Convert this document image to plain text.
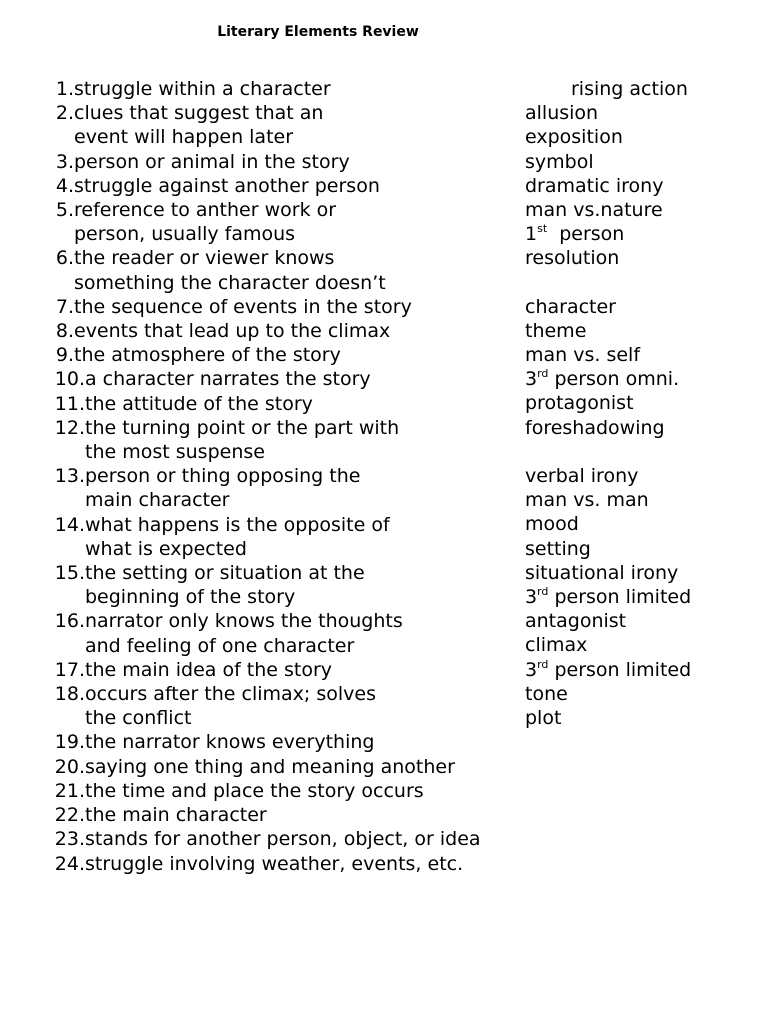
Literary Elements Review
1. struggle within a character
2. clues that suggest that an
event will happen later
3. person or animal in the story
4. struggle against another person
5. reference to anther work or
person, usually famous
6. the reader or viewer knows
something the character doesn’t
7. the sequence of events in the story
8. events that lead up to the climax
9. the atmosphere of the story
10. a character narrates the story
11. the attitude of the story
12. the turning point or the part with
the most suspense
13. person or thing opposing the
main character
14. what happens is the opposite of
what is expected
15. the setting or situation at the
beginning of the story
16. narrator only knows the thoughts
and feeling of one character
17. the main idea of the story
18. occurs after the climax; solves
the conflict
19. the narrator knows everything
20. saying one thing and meaning another
21. the time and place the story occurs
22. the main character
23. stands for another person, object, or idea
24. struggle involving weather, events, etc.
rising action
allusion
exposition
symbol
dramatic irony
man vs.nature
1st  person
resolution
character
theme
man vs. self
3rd person omni.
protagonist
foreshadowing
verbal irony
man vs. man
mood
setting
situational irony
3rd person limited
antagonist
climax
3rd person limited
tone
plot
